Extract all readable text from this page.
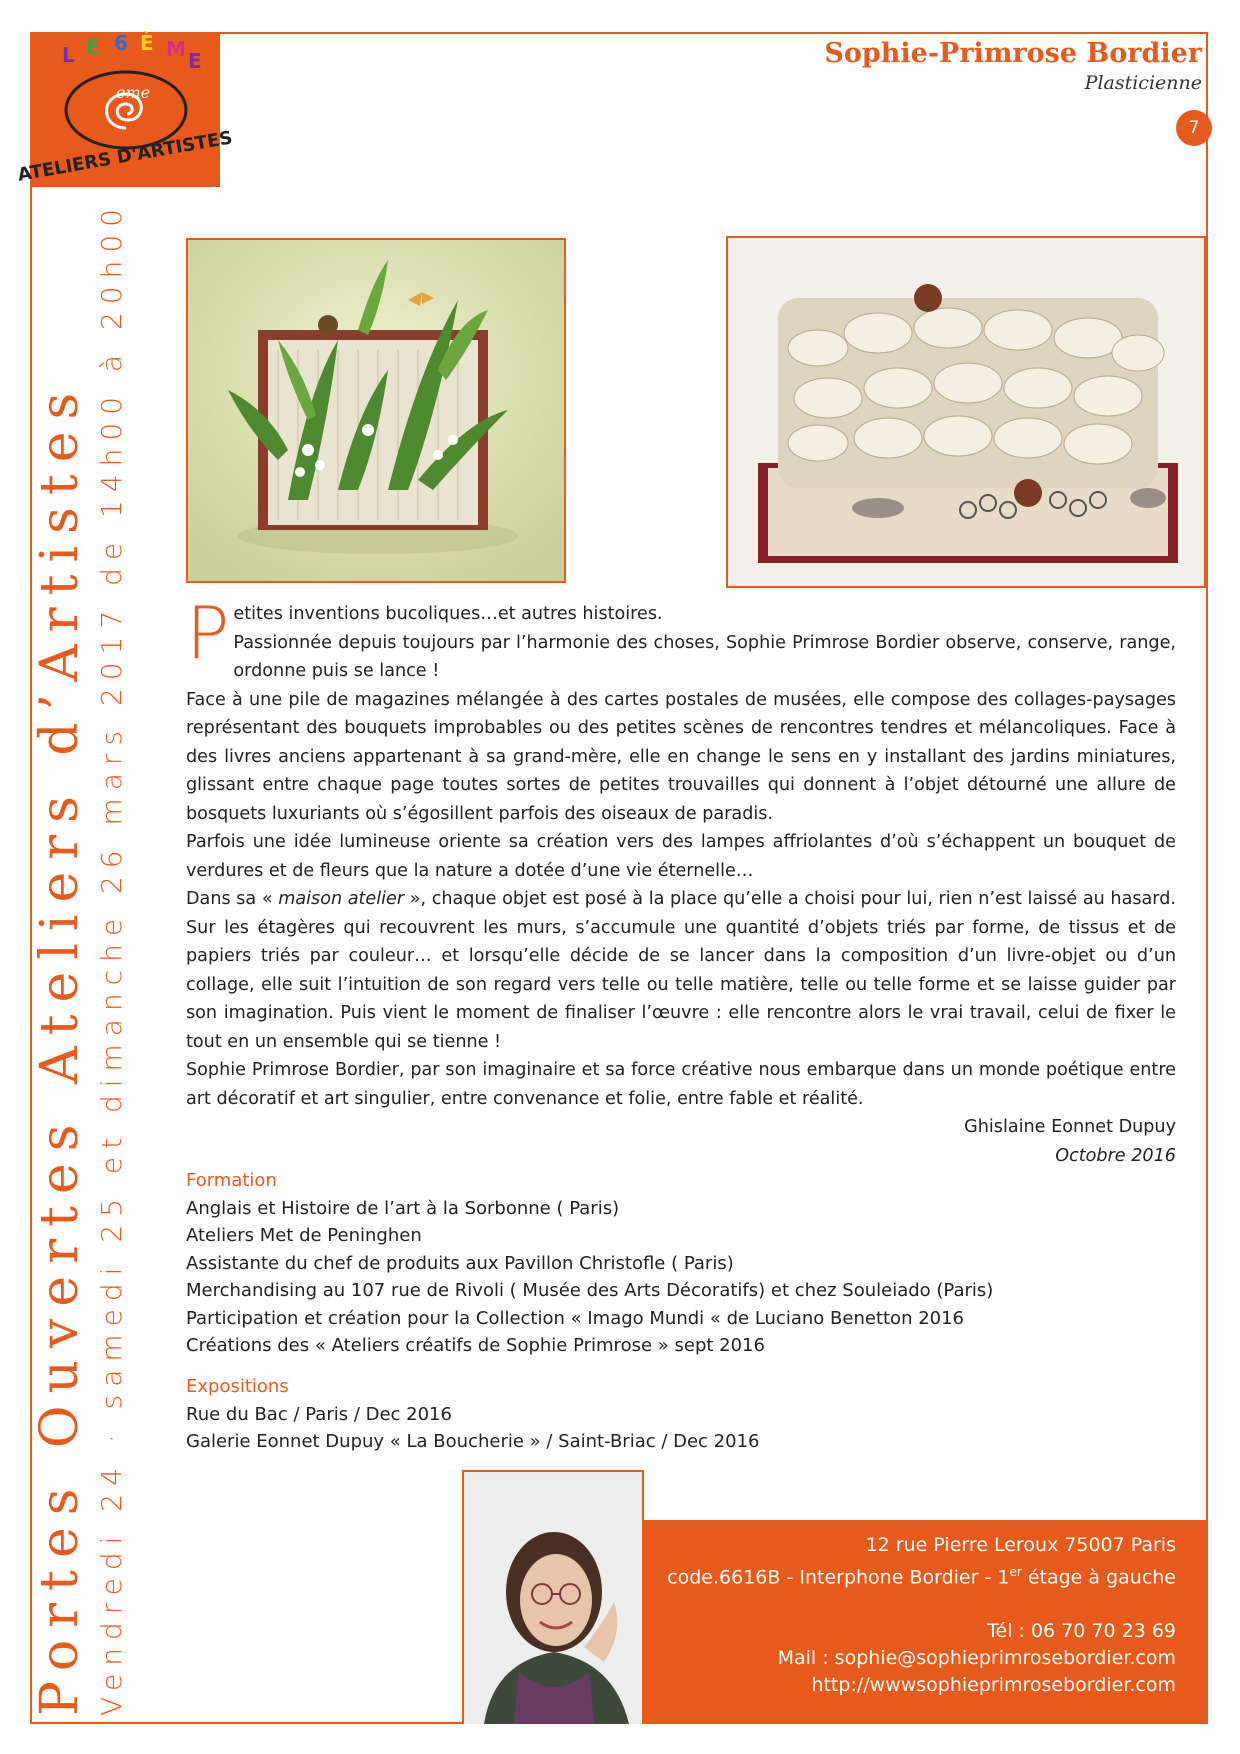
L E 6 È M E
eme
ATELIERS D'ARTISTES
Sophie-Primrose Bordier

Plasticienne

7
Portes Ouvertes Ateliers d’Artistes Vendredi 24 · samedi 25 et dimanche 26 mars 2017 de 14h00 à 20h00 P etites inventions bucoliques…et autres histoires.

Passionnée depuis toujours par l’harmonie des choses, Sophie Primrose Bordier observe, conserve, range, ordonne puis se lance !

Face à une pile de magazines mélangée à des cartes postales de musées, elle compose des collages-paysages représentant des bouquets improbables ou des petites scènes de rencontres tendres et mélancoliques. Face à des livres anciens appartenant à sa grand-mère, elle en change le sens en y installant des jardins miniatures, glissant entre chaque page toutes sortes de petites trouvailles qui donnent à l’objet détourné une allure de bosquets luxuriants où s’égosillent parfois des oiseaux de paradis.

Parfois une idée lumineuse oriente sa création vers des lampes affriolantes d’où s’échappent un bouquet de verdures et de fleurs que la nature a dotée d’une vie éternelle…

Dans sa « maison atelier », chaque objet est posé à la place qu’elle a choisi pour lui, rien n’est laissé au hasard. Sur les étagères qui recouvrent les murs, s’accumule une quantité d’objets triés par forme, de tissus et de papiers triés par couleur… et lorsqu’elle décide de se lancer dans la composition d’un livre-objet ou d’un collage, elle suit l’intuition de son regard vers telle ou telle matière, telle ou telle forme et se laisse guider par son imagination. Puis vient le moment de finaliser l’œuvre : elle rencontre alors le vrai travail, celui de fixer le tout en un ensemble qui se tienne !

Sophie Primrose Bordier, par son imaginaire et sa force créative nous embarque dans un monde poétique entre art décoratif et art singulier, entre convenance et folie, entre fable et réalité.

Ghislaine Eonnet Dupuy
Octobre 2016

Formation

Anglais et Histoire de l’art à la Sorbonne ( Paris)

Ateliers Met de Peninghen

Assistante du chef de produits aux Pavillon Christofle ( Paris)

Merchandising au 107 rue de Rivoli ( Musée des Arts Décoratifs) et chez Souleiado (Paris)

Participation et création pour la Collection « Imago Mundi « de Luciano Benetton 2016

Créations des « Ateliers créatifs de Sophie Primrose » sept 2016

Expositions

Rue du Bac / Paris / Dec 2016

Galerie Eonnet Dupuy « La Boucherie » / Saint-Briac / Dec 2016

12 rue Pierre Leroux 75007 Paris

code.6616B - Interphone Bordier - 1er étage à gauche

Tél : 06 70 70 23 69

Mail : sophie@sophieprimrosebordier.com

http://wwwsophieprimrosebordier.com
